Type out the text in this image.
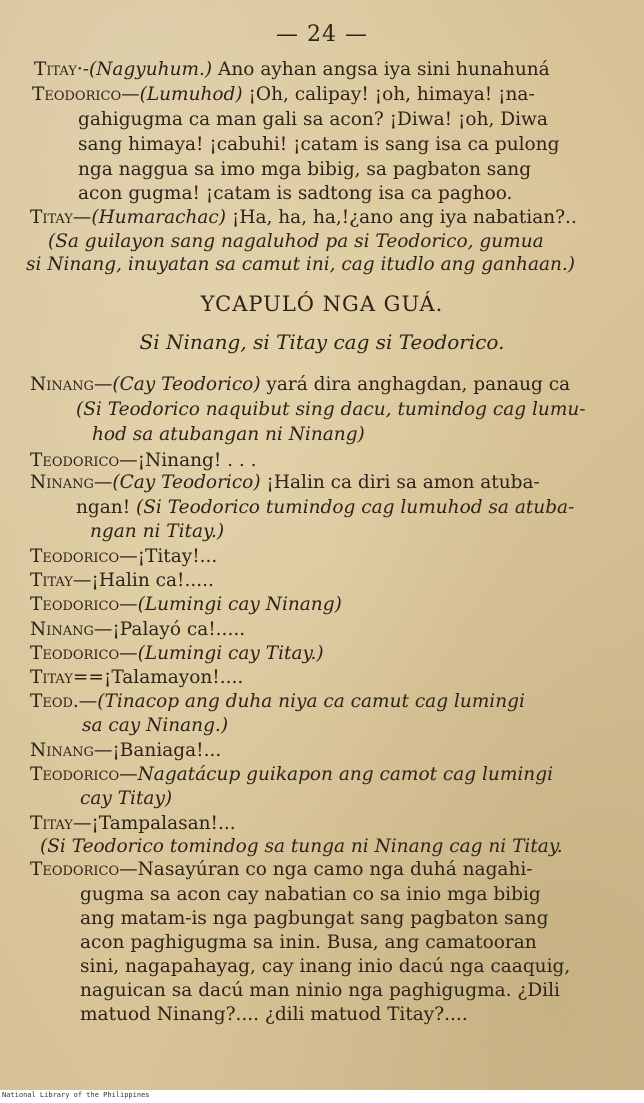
— 24 —
Titay·-(Nagyuhum.) Ano ayhan angsa iya sini hunahuná
Teodorico—(Lumuhod) ¡Oh, calipay! ¡oh, himaya! ¡na-
gahigugma ca man gali sa acon? ¡Diwa! ¡oh, Diwa
sang himaya! ¡cabuhi! ¡catam is sang isa ca pulong
nga naggua sa imo mga bibig, sa pagbaton sang
acon gugma! ¡catam is sadtong isa ca paghoo.
Titay—(Humarachac) ¡Ha, ha, ha,!¿ano ang iya nabatian?..
(Sa guilayon sang nagaluhod pa si Teodorico, gumua
si Ninang, inuyatan sa camut ini, cag itudlo ang ganhaan.)
YCAPULÓ NGA GUÁ.
Si Ninang, si Titay cag si Teodorico.
Ninang—(Cay Teodorico) yará dira anghagdan, panaug ca
(Si Teodorico naquibut sing dacu, tumindog cag lumu-
hod sa atubangan ni Ninang)
Teodorico—¡Ninang! . . .
Ninang—(Cay Teodorico) ¡Halin ca diri sa amon atuba-
ngan! (Si Teodorico tumindog cag lumuhod sa atuba-
ngan ni Titay.)
Teodorico—¡Titay!...
Titay—¡Halin ca!.....
Teodorico—(Lumingi cay Ninang)
Ninang—¡Palayó ca!.....
Teodorico—(Lumingi cay Titay.)
Titay==¡Talamayon!....
Teod.—(Tinacop ang duha niya ca camut cag lumingi
sa cay Ninang.)
Ninang—¡Baniaga!...
Teodorico—Nagatácup guikapon ang camot cag lumingi
cay Titay)
Titay—¡Tampalasan!...
(Si Teodorico tomindog sa tunga ni Ninang cag ni Titay.
Teodorico—Nasayúran co nga camo nga duhá nagahi-
gugma sa acon cay nabatian co sa inio mga bibig
ang matam-is nga pagbungat sang pagbaton sang
acon paghigugma sa inin. Busa, ang camatooran
sini, nagapahayag, cay inang inio dacú nga caaquig,
naguican sa dacú man ninio nga paghigugma. ¿Dili
matuod Ninang?.... ¿dili matuod Titay?....
National Library of the Philippines
